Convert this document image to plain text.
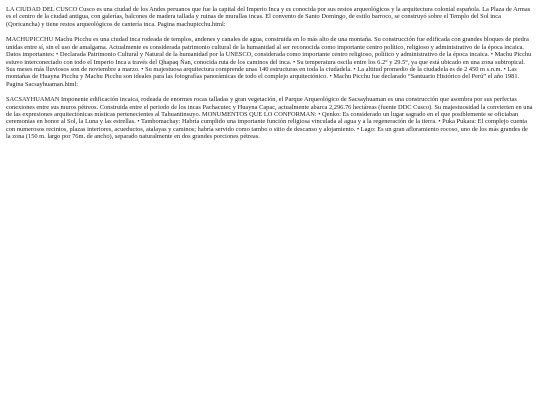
LA CIUDAD DEL CUSCO Cusco es una ciudad de los Andes peruanos que fue la capital del Imperio Inca y es conocida por sus restos arqueológicos y la arquitectura colonial española. La Plaza de Armas es el centro de la ciudad antigua, con galerías, balcones de madera tallada y ruinas de murallas incas. El convento de Santo Domingo, de estilo barroco, se construyó sobre el Templo del Sol inca (Qoricancha) y tiene restos arqueológicos de cantería inca. Pagina machupicchu.html:

MACHUPICCHU Machu Picchu es una ciudad inca rodeada de templos, andenes y canales de agua, construida en lo más alto de una montaña. Su construcción fue edificada con grandes bloques de piedra unidas entre sí, sin el uso de amalgama. Actualmente es considerada patrimonio cultural de la humanidad al ser reconocida como importante centro político, religioso y administrativo de la época incaica. Datos importantes: • Declarada Patrimonio Cultural y Natural de la humanidad por la UNESCO, considerada como importante centro religioso, político y administrativo de la época incaica. • Machu Picchu estuvo interconectado con todo el Imperio Inca a través del Qhapaq Ñan, conocida ruta de los caminos del inca. • Su temperatura oscila entre los 6.2° y 29.5°, ya que está ubicado en una zona subtropical. Sus meses más lluviosos son de noviembre a marzo. • Su majestuosa arquitectura comprende unas 140 estructuras en toda la ciudadela. • La altitud promedio de la ciudadela es de 2 450 m s.n.m. • Las montañas de Huayna Picchu y Machu Picchu son ideales para las fotografías panorámicas de todo el complejo arquitectónico. • Machu Picchu fue declarado “Santuario Histórico del Perú” el año 1981. Pagina Sacsayhuaman.html:

SACSAYHUAMAN Imponente edificación incaica, rodeada de enormes rocas talladas y gran vegetación, el Parque Arqueológico de Sacsayhuaman es una construcción que asombra por sus perfectas conexiones entre sus muros pétreos. Construida entre el periodo de los incas Pachacutec y Huayna Capac, actualmente abarca 2,296.76 hectáreas (fuente DDC Cusco). Su majestuosidad la convierten en una de las expresiones arquitectónicas místicas pertenecientes al Tahuantinsuyo. MONUMENTOS QUE LO CONFORMAN: • Qenko: Es considerado un lugar sagrado en el que posiblemente se oficiaban ceremonias en honor al Sol, la Luna y las estrellas. • Tambomachay: Habría cumplido una importante función religiosa vinculada al agua y a la regeneración de la tierra. • Puka Pukara: El complejo cuenta con numerosos recintos, plazas interiores, acueductos, atalayas y caminos; habría servido como tambo o sitio de descanso y alojamiento. • Lago: Es un gran afloramiento rocoso, uno de los más grandes de la zona (150 m. largo por 76m. de ancho), separado naturalmente en dos grandes porciones pétreas.
